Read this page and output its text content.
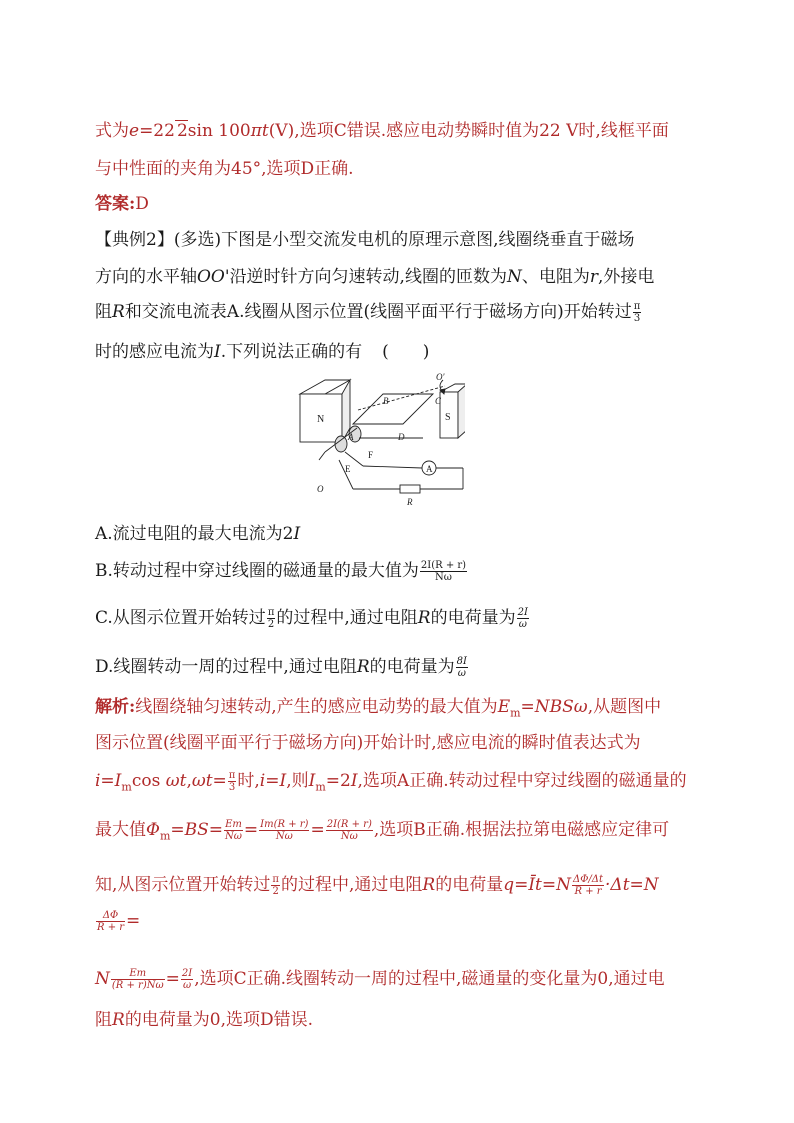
式为e=22 2sin 100πt(V),选项C错误.感应电动势瞬时值为22 V时,线框平面
与中性面的夹角为45°,选项D正确.
答案:D
【典例2】(多选)下图是小型交流发电机的原理示意图,线圈绕垂直于磁场
方向的水平轴OO'沿逆时针方向匀速转动,线圈的匝数为N、电阻为r,外接电
阻R和交流电流表A.线圈从图示位置(线圈平面平行于磁场方向)开始转过 $\frac{\pi}{3}$
时的感应电流为I.下列说法正确的有 (　　)
N	S
A
B	C
D
E
F
O
O'
R
A
A.流过电阻的最大电流为2I
B.转动过程中穿过线圈的磁通量的最大值为 $\frac{2I(R + r)}{N\omega}$
C.从图示位置开始转过 $\frac{\pi}{2}$ 的过程中,通过电阻R的电荷量为 $\frac{2I}{\omega}$
D.线圈转动一周的过程中,通过电阻R的电荷量为 $\frac{8I}{\omega}$
解析:线圈绕轴匀速转动,产生的感应电动势的最大值为$E_m=NBS\omega$,从题图中
图示位置(线圈平面平行于磁场方向)开始计时,感应电流的瞬时值表达式为
$i=I_m\cos$ $\omega t,\omega t= \frac{\pi}{3}$ 时,i=I,则$I_m=2I$,选项A正确.转动过程中穿过线圈的磁通量的
最大值$\Phi_m=BS= \frac{Em}{N\omega} = \frac{Im(R + r)}{N\omega} = \frac{2I(R + r)}{N\omega}$ ,选项B正确.根据法拉第电磁感应定律可
知,从图示位置开始转过 $\frac{\pi}{2}$ 的过程中,通过电阻R的电荷量q=Īt=N $\frac{\Delta\Phi/\Delta t}{R + r} \cdot\Delta t=N$
$\frac{\Delta\Phi}{R + r}$ =
N $\frac{Em}{(R + r)N\omega} = \frac{2I}{\omega}$ ,选项C正确.线圈转动一周的过程中,磁通量的变化量为0,通过电
阻R的电荷量为0,选项D错误.
